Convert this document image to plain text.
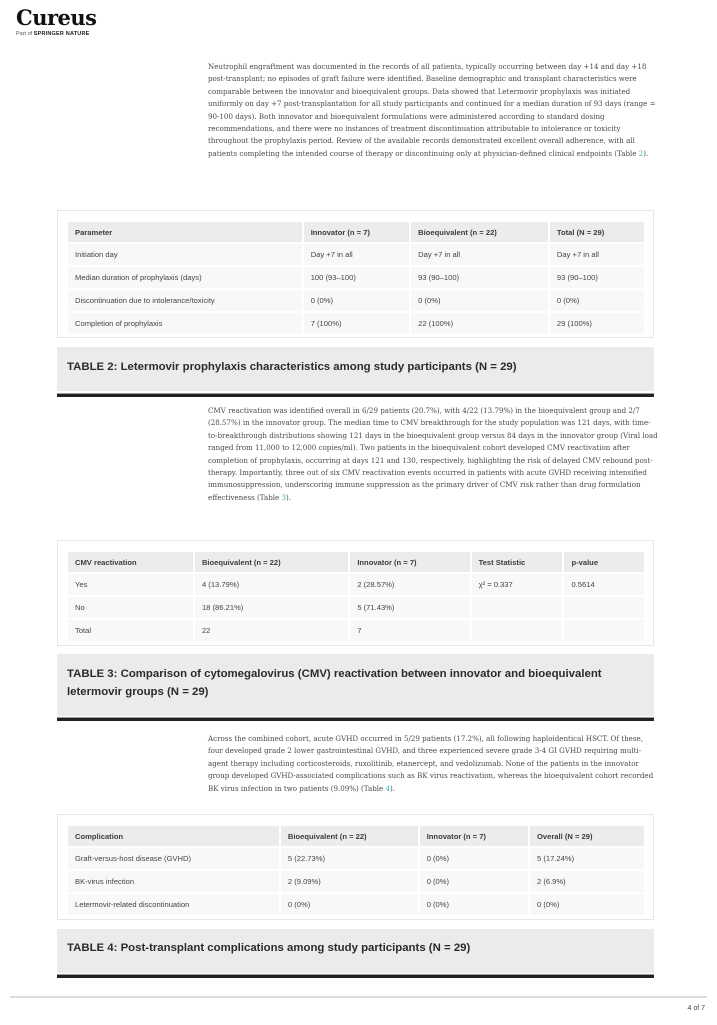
Cureus
Part of SPRINGER NATURE

Neutrophil engraftment was documented in the records of all patients, typically occurring between day +14 and day +18 post-transplant; no episodes of graft failure were identified. Baseline demographic and transplant characteristics were comparable between the innovator and bioequivalent groups. Data showed that Letermovir prophylaxis was initiated uniformly on day +7 post-transplantation for all study participants and continued for a median duration of 93 days (range = 90-100 days). Both innovator and bioequivalent formulations were administered according to standard dosing recommendations, and there were no instances of treatment discontinuation attributable to intolerance or toxicity throughout the prophylaxis period. Review of the available records demonstrated excellent overall adherence, with all patients completing the intended course of therapy or discontinuing only at physician-defined clinical endpoints (Table 2).

Parameter	Innovator (n = 7)	Bioequivalent (n = 22)	Total (N = 29)
Initiation day	Day +7 in all	Day +7 in all	Day +7 in all
Median duration of prophylaxis (days)	100 (93–100)	93 (90–100)	93 (90–100)
Discontinuation due to intolerance/toxicity	0 (0%)	0 (0%)	0 (0%)
Completion of prophylaxis	7 (100%)	22 (100%)	29 (100%)
TABLE 2: Letermovir prophylaxis characteristics among study participants (N = 29)

CMV reactivation was identified overall in 6/29 patients (20.7%), with 4/22 (13.79%) in the bioequivalent group and 2/7 (28.57%) in the innovator group. The median time to CMV breakthrough for the study population was 121 days, with time-to-breakthrough distributions showing 121 days in the bioequivalent group versus 84 days in the innovator group (Viral load ranged from 11,000 to 12,000 copies/ml). Two patients in the bioequivalent cohort developed CMV reactivation after completion of prophylaxis, occurring at days 121 and 130, respectively, highlighting the risk of delayed CMV rebound post-therapy. Importantly, three out of six CMV reactivation events occurred in patients with acute GVHD receiving intensified immunosuppression, underscoring immune suppression as the primary driver of CMV risk rather than drug formulation effectiveness (Table 3).

CMV reactivation	Bioequivalent (n = 22)	Innovator (n = 7)	Test Statistic	p-value
Yes	4 (13.79%)	2 (28.57%)	χ² = 0.337	0.5614
No	18 (86.21%)	5 (71.43%)		
Total	22	7		
TABLE 3: Comparison of cytomegalovirus (CMV) reactivation between innovator and bioequivalent letermovir groups (N = 29)

Across the combined cohort, acute GVHD occurred in 5/29 patients (17.2%), all following haploidentical HSCT. Of these, four developed grade 2 lower gastrointestinal GVHD, and three experienced severe grade 3-4 GI GVHD requiring multi-agent therapy including corticosteroids, ruxolitinib, etanercept, and vedolizumab. None of the patients in the innovator group developed GVHD-associated complications such as BK virus reactivation, whereas the bioequivalent cohort recorded BK virus infection in two patients (9.09%) (Table 4).

Complication	Bioequivalent (n = 22)	Innovator (n = 7)	Overall (N = 29)
Graft-versus-host disease (GVHD)	5 (22.73%)	0 (0%)	5 (17.24%)
BK-virus infection	2 (9.09%)	0 (0%)	2 (6.9%)
Letermovir-related discontinuation	0 (0%)	0 (0%)	0 (0%)
TABLE 4: Post-transplant complications among study participants (N = 29)
4 of 7
